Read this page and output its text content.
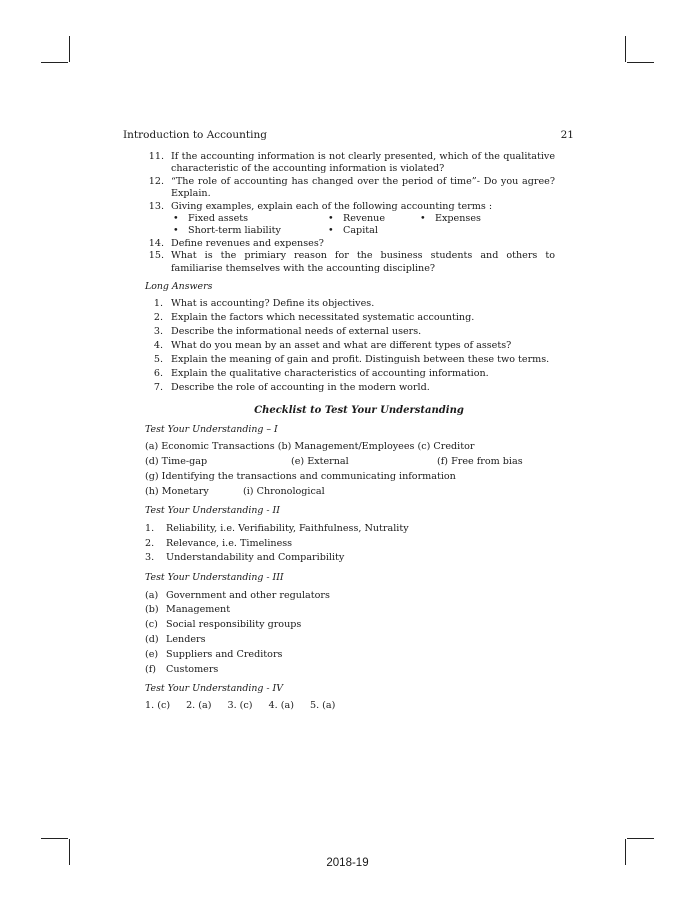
Introduction to Accounting	21
11. If the accounting information is not clearly presented, which of the qualitative characteristic of the accounting information is violated?
12. “The role of accounting has changed over the period of time”- Do you agree? Explain.
13. Giving examples, explain each of the following accounting terms :
• Fixed assets	• Revenue	• Expenses
• Short-term liability	• Capital
14. Define revenues and expenses?
15. What is the primiary reason for the business students and others to familiarise themselves with the accounting discipline?
Long Answers
1. What is accounting? Define its objectives.
2. Explain the factors which necessitated systematic accounting.
3. Describe the informational needs of external users.
4. What do you mean by an asset and what are different types of assets?
5. Explain the meaning of gain and profit. Distinguish between these two terms.
6. Explain the qualitative characteristics of accounting information.
7. Describe the role of accounting in the modern world.
Checklist to Test Your Understanding
Test Your Understanding – I
(a) Economic Transactions (b) Management/Employees (c) Creditor
(d) Time-gap	(e) External	(f) Free from bias
(g) Identifying the transactions and communicating information
(h) Monetary	(i) Chronological
Test Your Understanding - II
1. Reliability, i.e. Verifiability, Faithfulness, Nutrality
2. Relevance, i.e. Timeliness
3. Understandability and Comparibility
Test Your Understanding - III
(a) Government and other regulators
(b) Management
(c) Social responsibility groups
(d) Lenders
(e) Suppliers and Creditors
(f) Customers
Test Your Understanding - IV
1. (c) 2. (a) 3. (c) 4. (a) 5. (a)
2018-19
